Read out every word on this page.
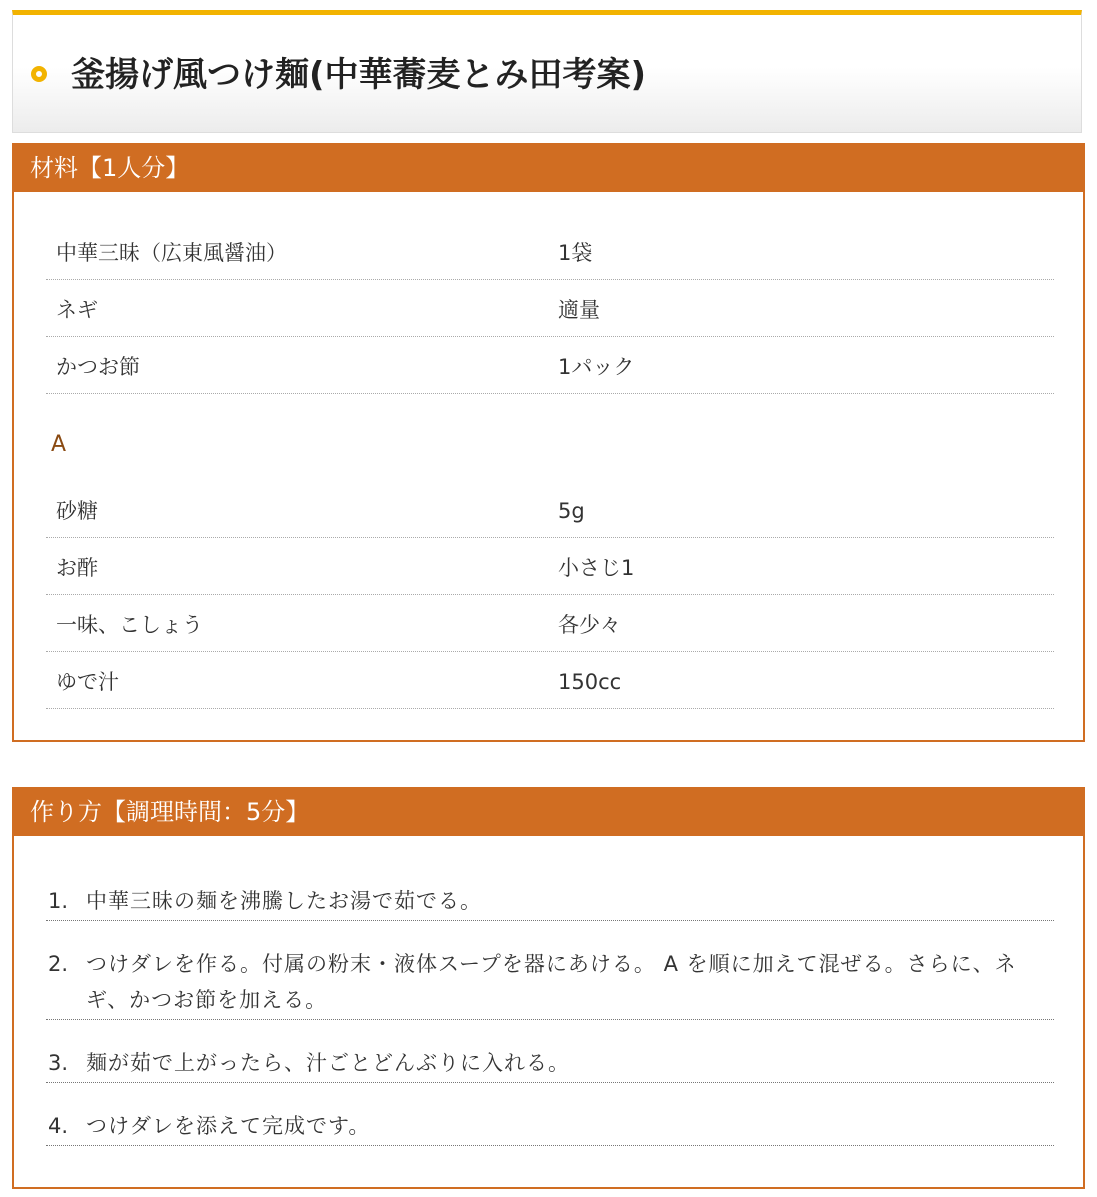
釜揚げ風つけ麺(中華蕎麦とみ田考案)
材料【1人分】
中華三昧（広東風醤油）	1袋
ネギ	適量
かつお節	1パック
A
砂糖	5g
お酢	小さじ1
一味、こしょう	各少々
ゆで汁	150cc
作り方【調理時間：5分】
1. 中華三昧の麺を沸騰したお湯で茹でる。
2. つけダレを作る。付属の粉末・液体スープを器にあける。 A を順に加えて混ぜる。さらに、ネギ、かつお節を加える。
3. 麺が茹で上がったら、汁ごとどんぶりに入れる。
4. つけダレを添えて完成です。
